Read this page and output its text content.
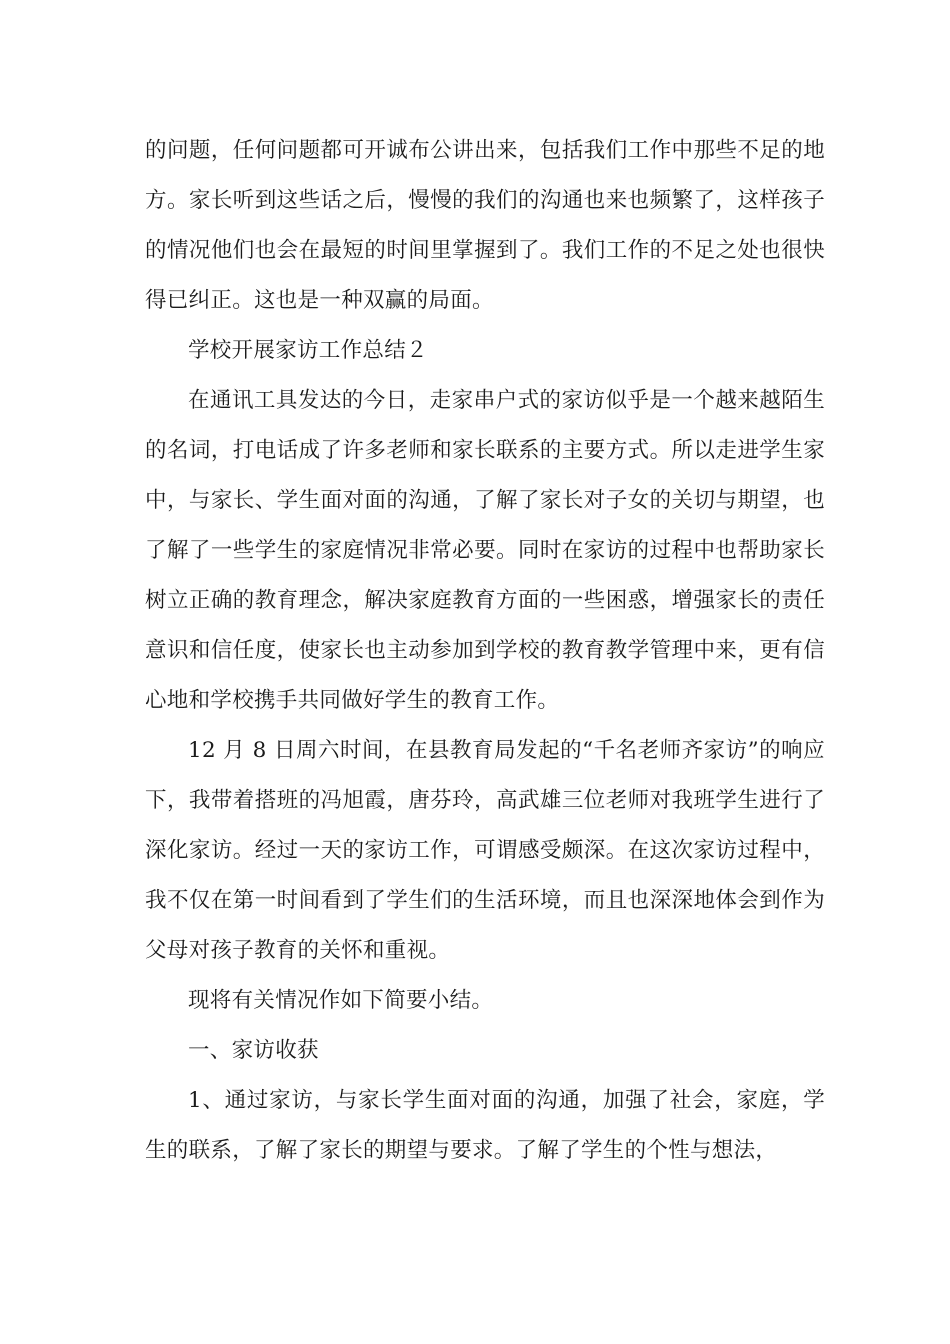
的问题，任何问题都可开诚布公讲出来，包括我们工作中那些不足的地方。家长听到这些话之后，慢慢的我们的沟通也来也频繁了，这样孩子的情况他们也会在最短的时间里掌握到了。我们工作的不足之处也很快得已纠正。这也是一种双赢的局面。

学校开展家访工作总结２

在通讯工具发达的今日，走家串户式的家访似乎是一个越来越陌生的名词，打电话成了许多老师和家长联系的主要方式。所以走进学生家中，与家长、学生面对面的沟通，了解了家长对子女的关切与期望，也了解了一些学生的家庭情况非常必要。同时在家访的过程中也帮助家长树立正确的教育理念，解决家庭教育方面的一些困惑，增强家长的责任意识和信任度，使家长也主动参加到学校的教育教学管理中来，更有信心地和学校携手共同做好学生的教育工作。

12 月 8 日周六时间，在县教育局发起的“千名老师齐家访”的响应下，我带着搭班的冯旭霞，唐芬玲，高武雄三位老师对我班学生进行了深化家访。经过一天的家访工作，可谓感受颇深。在这次家访过程中，我不仅在第一时间看到了学生们的生活环境，而且也深深地体会到作为父母对孩子教育的关怀和重视。

现将有关情况作如下简要小结。

一、家访收获

1、通过家访，与家长学生面对面的沟通，加强了社会，家庭，学生的联系，了解了家长的期望与要求。了解了学生的个性与想法，
